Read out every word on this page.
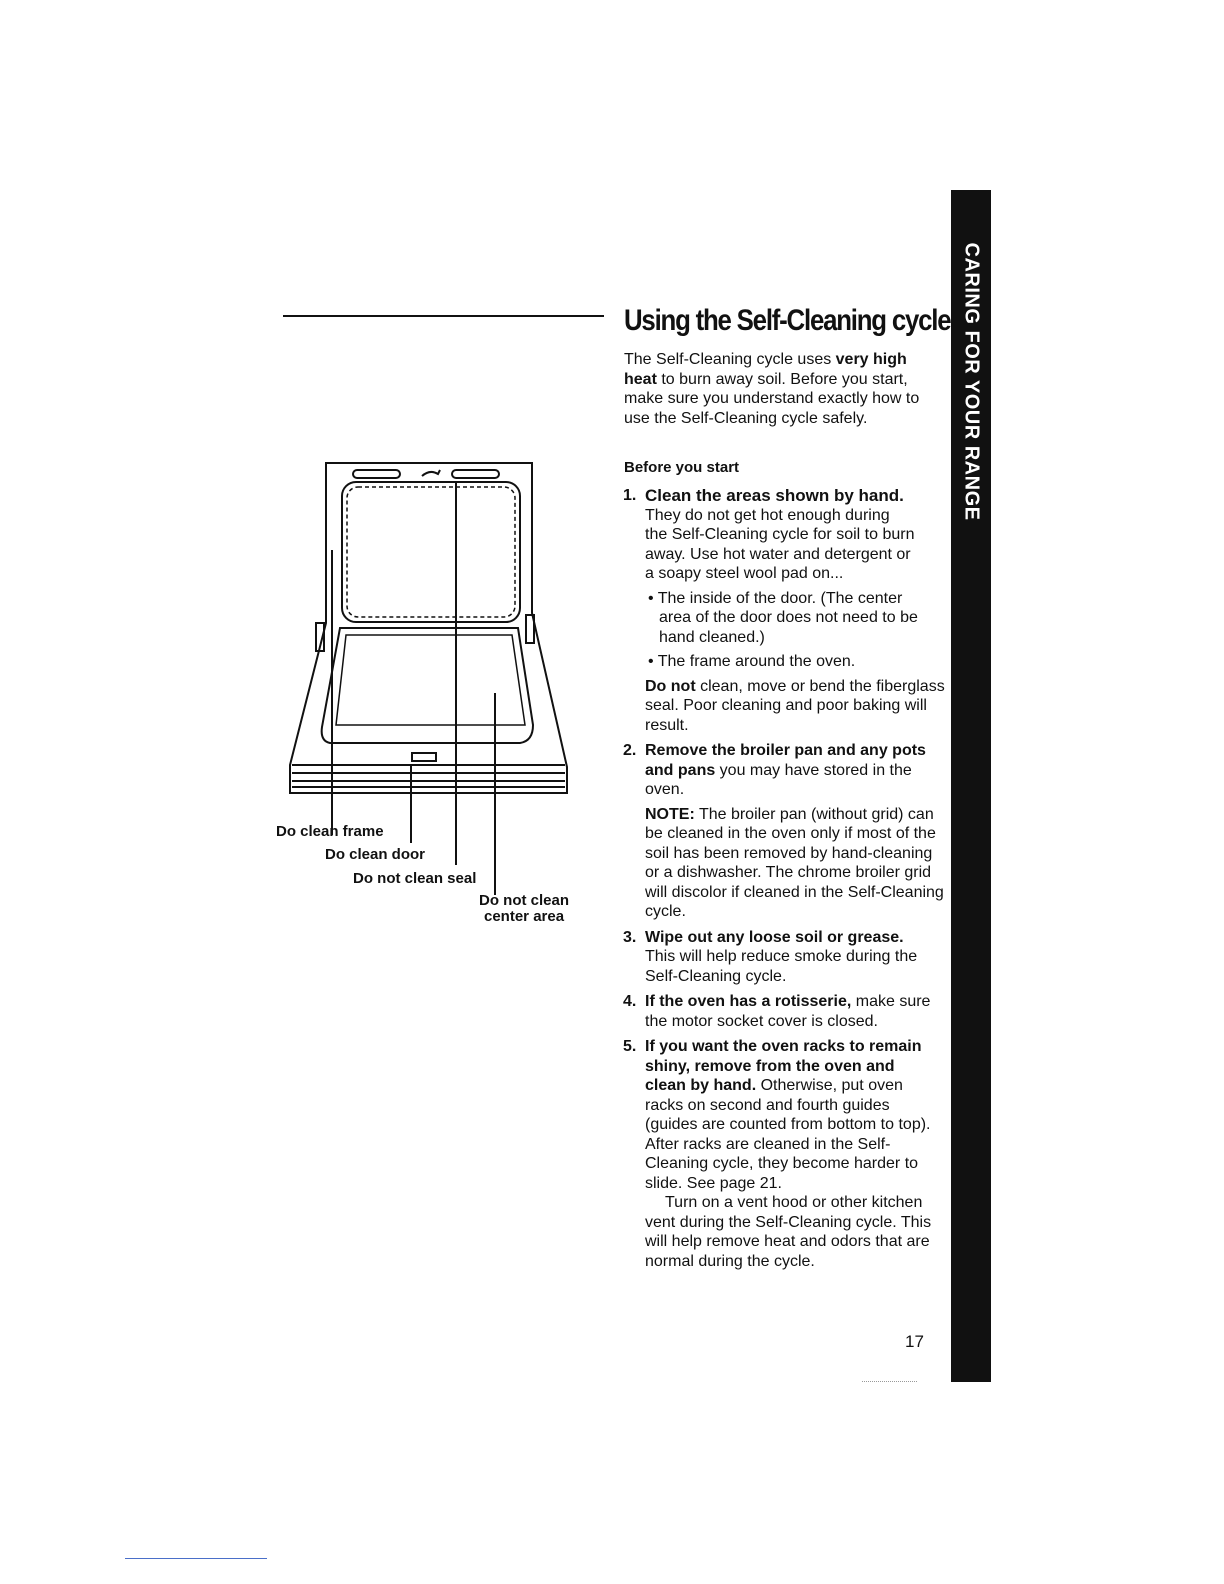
Do clean frame
Do clean door
Do not clean seal
Do not clean
center area
Using the Self-Cleaning cycle
The Self-Cleaning cycle uses very high heat to burn away soil. Before you start, make sure you understand exactly how to use the Self-Cleaning cycle safely.
Before you start
1. Clean the areas shown by hand.
They do not get hot enough during the Self-Cleaning cycle for soil to burn away. Use hot water and detergent or a soapy steel wool pad on...
• The inside of the door. (The center area of the door does not need to be hand cleaned.)
• The frame around the oven.
Do not clean, move or bend the fiberglass seal. Poor cleaning and poor baking will result.
2. Remove the broiler pan and any pots and pans you may have stored in the oven.
NOTE: The broiler pan (without grid) can be cleaned in the oven only if most of the soil has been removed by hand-cleaning or a dishwasher. The chrome broiler grid will discolor if cleaned in the Self-Cleaning cycle.
3. Wipe out any loose soil or grease. This will help reduce smoke during the Self-Cleaning cycle.
4. If the oven has a rotisserie, make sure the motor socket cover is closed.
5. If you want the oven racks to remain shiny, remove from the oven and clean by hand. Otherwise, put oven racks on second and fourth guides (guides are counted from bottom to top). After racks are cleaned in the Self-Cleaning cycle, they become harder to slide. See page 21.
Turn on a vent hood or other kitchen vent during the Self-Cleaning cycle. This will help remove heat and odors that are normal during the cycle.
17
CARING FOR YOUR RANGE
